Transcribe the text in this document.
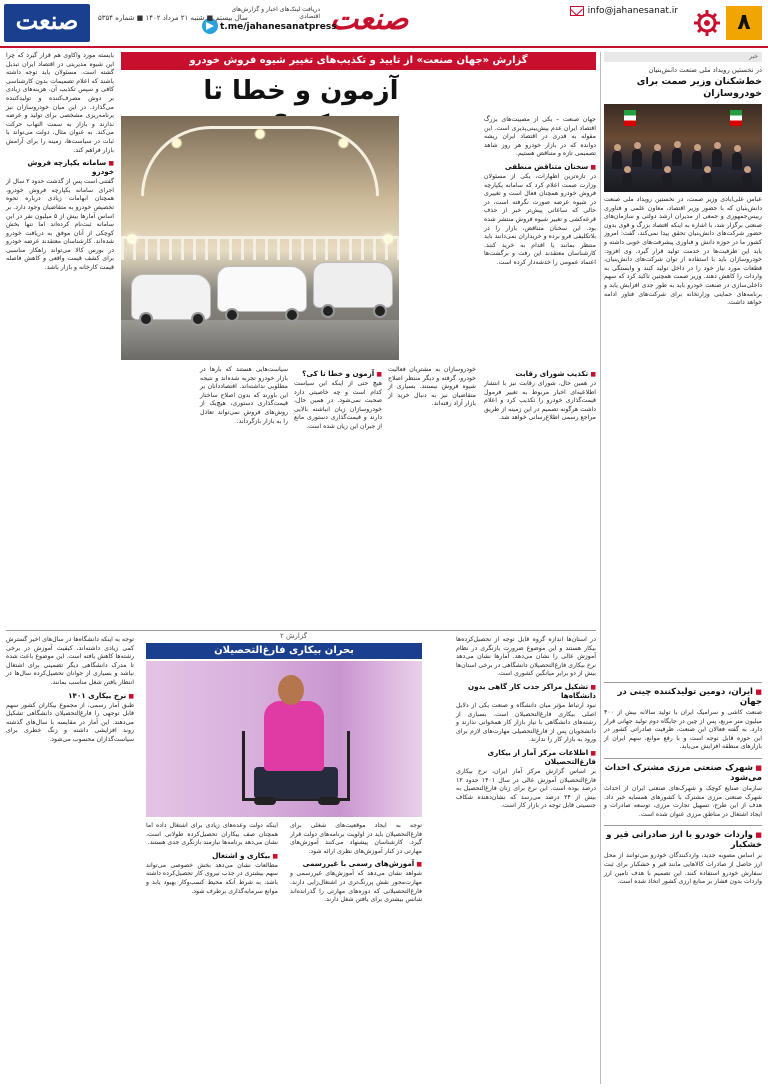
۸
info@jahanesanat.ir
صنعت
دریافت لینک‌های اخبار و گزارش‌های اقتصادی
t.me/jahanesanatpress
سال بیستم ■ شنبه ۲۱ مرداد ۱۴۰۲ ■ شماره ۵۳۵۴
صنعت
خبر
در نخستین رویداد ملی صنعت دانش‌بنیان
خط‌شکنان وزیر صمت برای خودروسازان
عباس علی‌آبادی وزیر صمت، در نخستین رویداد ملی صنعت دانش‌بنیان که با حضور وزیر اقتصاد، معاون علمی و فناوری رییس‌جمهوری و جمعی از مدیران ارشد دولتی و سازمان‌های صنعتی برگزار شد، با اشاره به اینکه اقتصاد بزرگ و قوی بدون حضور شرکت‌های دانش‌بنیان تحقق پیدا نمی‌کند، گفت: امروز کشور ما در حوزه دانش و فناوری پیشرفت‌های خوبی داشته و باید این ظرفیت‌ها در خدمت تولید قرار گیرد. وی افزود: خودروسازان باید با استفاده از توان شرکت‌های دانش‌بنیان، قطعات مورد نیاز خود را در داخل تولید کنند و وابستگی به واردات را کاهش دهند. وزیر صمت همچنین تاکید کرد که سهم داخلی‌سازی در صنعت خودرو باید به طور جدی افزایش یابد و برنامه‌های حمایتی وزارتخانه برای شرکت‌های فناور ادامه خواهد داشت.
■ ایران، دومین تولیدکننده چینی در جهان
صنعت کاشی و سرامیک ایران با تولید سالانه بیش از ۴۰۰ میلیون متر مربع، پس از چین در جایگاه دوم تولید جهانی قرار دارد. به گفته فعالان این صنعت، ظرفیت صادراتی کشور در این حوزه قابل توجه است و با رفع موانع، سهم ایران از بازارهای منطقه افزایش می‌یابد.
■ شهرک صنعتی مرزی مشترک احداث می‌شود
سازمان صنایع کوچک و شهرک‌های صنعتی ایران از احداث شهرک صنعتی مرزی مشترک با کشورهای همسایه خبر داد. هدف از این طرح، تسهیل تجارت مرزی، توسعه صادرات و ایجاد اشتغال در مناطق مرزی عنوان شده است.
■ واردات خودرو با ارز صادراتی قیر و خشکبار
بر اساس مصوبه جدید، واردکنندگان خودرو می‌توانند از محل ارز حاصل از صادرات کالاهایی مانند قیر و خشکبار برای ثبت سفارش خودرو استفاده کنند. این تصمیم با هدف تامین ارز واردات بدون فشار بر منابع ارزی کشور اتخاذ شده است.
گزارش «جهان صنعت» از تایید و تکذیب‌های تغییر شیوه فروش خودرو
آزمون و خطا تا
جهان صنعت – یکی از مصیبت‌های بزرگ اقتصاد ایران عدم پیش‌بینی‌پذیری است. این مقوله به قدری در اقتصاد ایران ریشه دوانده که در بازار خودرو هر روز شاهد تصمیمی تازه و متناقض هستیم.
■ سخنان متناقض منطقی
در تازه‌ترین اظهارات، یکی از مسئولان وزارت صمت اعلام کرد که سامانه یکپارچه فروش خودرو همچنان فعال است و تغییری در شیوه عرضه صورت نگرفته است، در حالی که ساعاتی پیش‌تر خبر از حذف قرعه‌کشی و تغییر شیوه فروش منتشر شده بود. این سخنان متناقض، بازار را در بلاتکلیفی فرو برده و خریداران نمی‌دانند باید منتظر بمانند یا اقدام به خرید کنند. کارشناسان معتقدند این رفت و برگشت‌ها اعتماد عمومی را خدشه‌دار کرده است.
بایسته مورد واکاوی هم قرار گیرد که چرا این شیوه مدیریتی در اقتصاد ایران تبدیل گشته است. مسئولان باید توجه داشته باشند که اعلام تصمیمات بدون کارشناسی کافی و سپس تکذیب آن، هزینه‌های زیادی بر دوش مصرف‌کننده و تولیدکننده می‌گذارد. در این میان خودروسازان نیز برنامه‌ریزی مشخصی برای تولید و عرضه ندارند و بازار به سمت التهاب حرکت می‌کند. به عنوان مثال، دولت می‌تواند با ثبات در سیاست‌ها، زمینه را برای آرامش بازار فراهم کند.
■ سامانه یکپارچه فروش خودرو
گفتنی است پس از گذشت حدود ۲ سال از اجرای سامانه یکپارچه فروش خودرو، همچنان ابهامات زیادی درباره نحوه تخصیص خودرو به متقاضیان وجود دارد. بر اساس آمارها بیش از ۵ میلیون نفر در این سامانه ثبت‌نام کرده‌اند اما تنها بخش کوچکی از آنان موفق به دریافت خودرو شده‌اند. کارشناسان معتقدند عرضه خودرو در بورس کالا می‌تواند راهکار مناسبی برای کشف قیمت واقعی و کاهش فاصله قیمت کارخانه و بازار باشد.
■ تکذیب شورای رقابت
در همین حال، شورای رقابت نیز با انتشار اطلاعیه‌ای اخبار مربوط به تغییر فرمول قیمت‌گذاری خودرو را تکذیب کرد و اعلام داشت هرگونه تصمیم در این زمینه از طریق مراجع رسمی اطلاع‌رسانی خواهد شد.
خودروسازان به مشتریان فعالیت خودرو، گرفته و دیگر منتظر اصلاح شیوه فروش نیستند. بسیاری از متقاضیان نیز به دنبال خرید از بازار آزاد رفته‌اند.
■ آزمون و خطا تا کی؟
هیچ حتی از اینکه این سیاست کدام است و چه خاصیتی دارد صحبت نمی‌شود. در همین حال، خودروسازان زیان انباشته بالایی دارند و قیمت‌گذاری دستوری مانع از جبران این زیان شده است.
سیاست‌هایی هستند که بارها در بازار خودرو تجربه شده‌اند و نتیجه مطلوبی نداشته‌اند. اقتصاددانان بر این باورند که بدون اصلاح ساختار قیمت‌گذاری دستوری، هیچ‌یک از روش‌های فروش نمی‌تواند تعادل را به بازار بازگرداند.
گزارش ۲	در استان‌ها اندازه گروه قابل توجه از تحصیل‌کرده‌ها بیکار هستند و این موضوع ضرورت بازنگری در نظام آموزش عالی را نشان می‌دهد. آمارها نشان می‌دهد نرخ بیکاری فارغ‌التحصیلان دانشگاهی در برخی استان‌ها بیش از دو برابر میانگین کشوری است.
■ تشکیل مراکز جذب کار گاهی بدون دانشگاه‌ها
نبود ارتباط مؤثر میان دانشگاه و صنعت یکی از دلایل اصلی بیکاری فارغ‌التحصیلان است. بسیاری از رشته‌های دانشگاهی با نیاز بازار کار همخوانی ندارند و دانشجویان پس از فارغ‌التحصیلی مهارت‌های لازم برای ورود به بازار کار را ندارند.
■ اطلاعات مرکز آمار از بیکاری فارغ‌التحصیلان
بر اساس گزارش مرکز آمار ایران، نرخ بیکاری فارغ‌التحصیلان آموزش عالی در سال ۱۴۰۱ حدود ۱۲ درصد بوده است. این نرخ برای زنان فارغ‌التحصیل به بیش از ۲۴ درصد می‌رسد که نشان‌دهنده شکاف جنسیتی قابل توجه در بازار کار است.
بحران بیکاری فارغ‌التحصیلان
توجه به ایجاد موقعیت‌های شغلی برای فارغ‌التحصیلان باید در اولویت برنامه‌های دولت قرار گیرد. کارشناسان پیشنهاد می‌کنند آموزش‌های مهارتی در کنار آموزش‌های نظری ارائه شود.
■ آموزش‌های رسمی با غیررسمی
شواهد نشان می‌دهد که آموزش‌های غیررسمی و مهارت‌محور نقش پررنگ‌تری در اشتغال‌زایی دارند. فارغ‌التحصیلانی که دوره‌های مهارتی را گذرانده‌اند شانس بیشتری برای یافتن شغل دارند.
اینکه دولت وعده‌های زیادی برای اشتغال داده اما همچنان صف بیکاران تحصیل‌کرده طولانی است، نشان می‌دهد برنامه‌ها نیازمند بازنگری جدی هستند.
■ بیکاری و اشتغال
مطالعات نشان می‌دهد بخش خصوصی می‌تواند سهم بیشتری در جذب نیروی کار تحصیل‌کرده داشته باشد، به شرط آنکه محیط کسب‌وکار بهبود یابد و موانع سرمایه‌گذاری برطرف شود.
توجه به اینکه دانشگاه‌ها در سال‌های اخیر گسترش کمی زیادی داشته‌اند، کیفیت آموزش در برخی رشته‌ها کاهش یافته است. این موضوع باعث شده تا مدرک دانشگاهی دیگر تضمینی برای اشتغال نباشد و بسیاری از جوانان تحصیل‌کرده سال‌ها در انتظار یافتن شغل مناسب بمانند.
■ نرخ بیکاری ۱۴۰۱
طبق آمار رسمی، از مجموع بیکاران کشور سهم قابل توجهی را فارغ‌التحصیلان دانشگاهی تشکیل می‌دهند. این آمار در مقایسه با سال‌های گذشته روند افزایشی داشته و زنگ خطری برای سیاست‌گذاران محسوب می‌شود.
